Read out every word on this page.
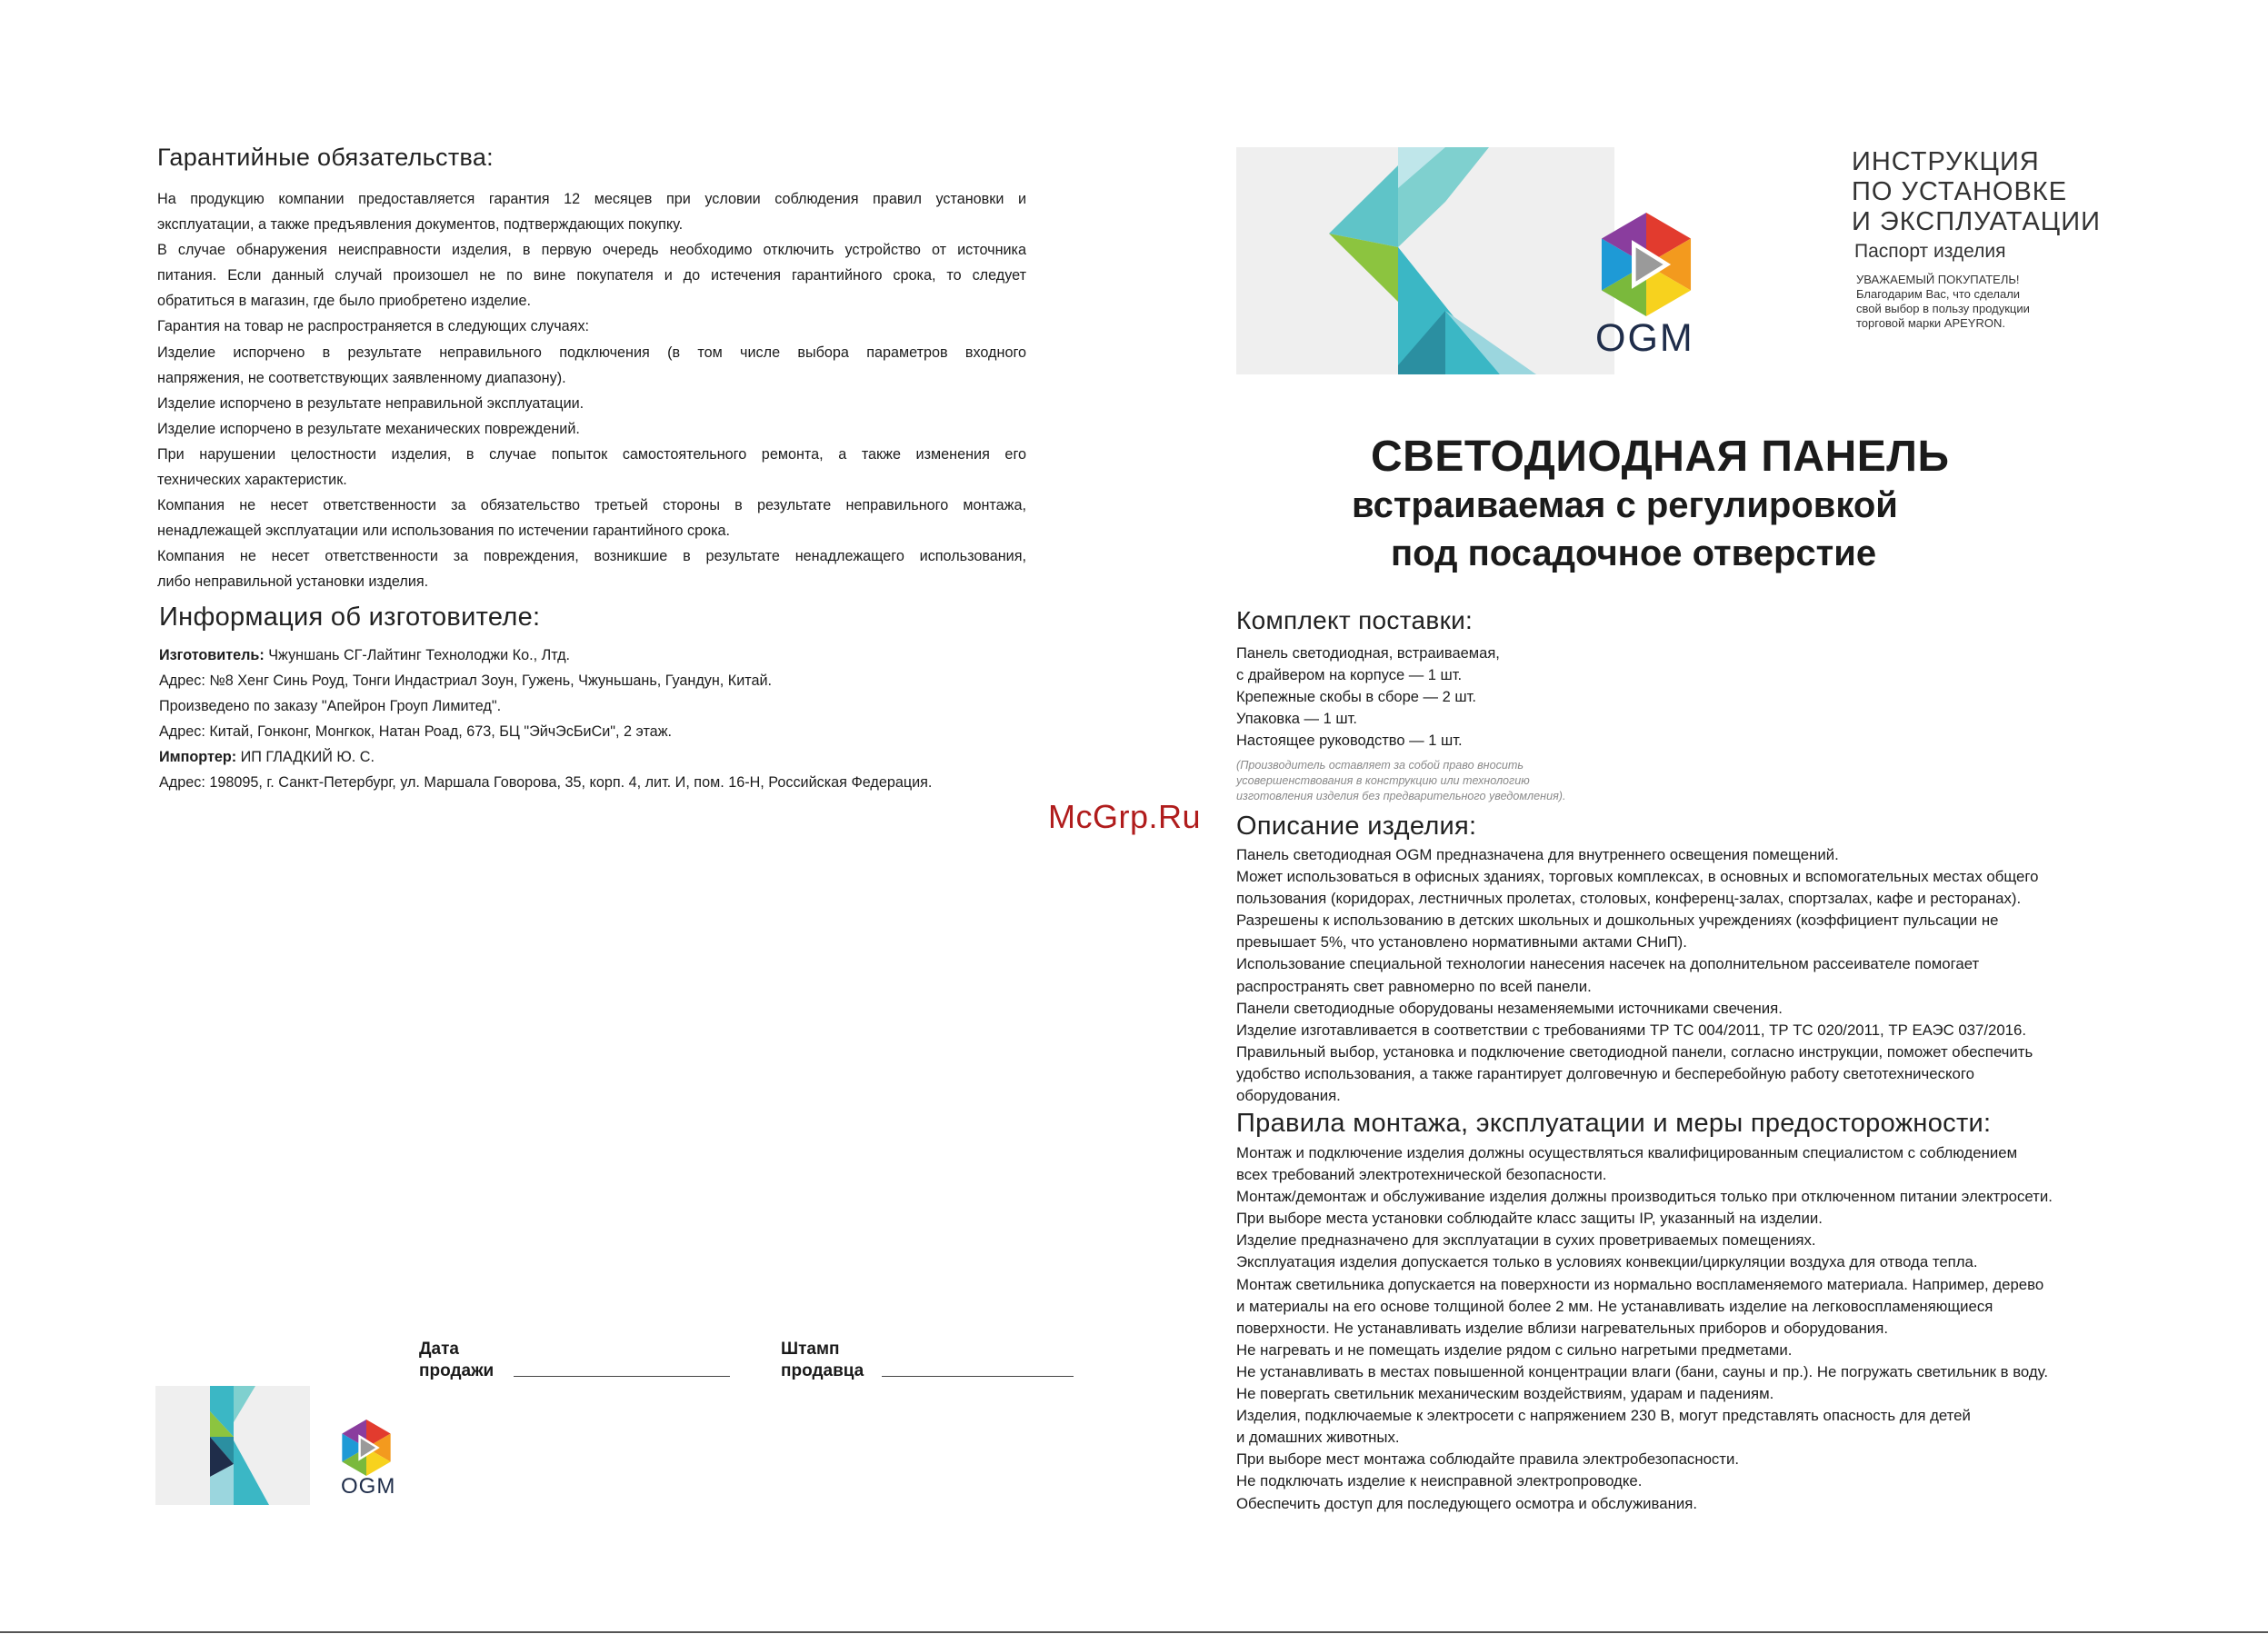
Гарантийные обязательства:
На продукцию компании предоставляется гарантия 12 месяцев при условии соблюдения правил установки и
эксплуатации, а также предъявления документов, подтверждающих покупку.
В случае обнаружения неисправности изделия, в первую очередь необходимо отключить устройство от источника
питания. Если данный случай произошел не по вине покупателя и до истечения гарантийного срока, то следует
обратиться в магазин, где было приобретено изделие.
Гарантия на товар не распространяется в следующих случаях:
Изделие испорчено в результате неправильного подключения (в том числе выбора параметров входного
напряжения, не соответствующих заявленному диапазону).
Изделие испорчено в результате неправильной эксплуатации.
Изделие испорчено в результате механических повреждений.
При нарушении целостности изделия, в случае попыток самостоятельного ремонта, а также изменения его
технических характеристик.
Компания не несет ответственности за обязательство третьей стороны в результате неправильного монтажа,
ненадлежащей эксплуатации или использования по истечении гарантийного срока.
Компания не несет ответственности за повреждения, возникшие в результате ненадлежащего использования,
либо неправильной установки изделия.
Информация об изготовителе:
Изготовитель: Чжуншань СГ-Лайтинг Технолоджи Ко., Лтд.
Адрес: №8 Хенг Синь Роуд, Тонги Индастриал Зоун, Гужень, Чжуньшань, Гуандун, Китай.
Произведено по заказу "Апейрон Гроуп Лимитед".
Адрес: Китай, Гонконг, Монгкок, Натан Роад, 673, БЦ "ЭйчЭсБиСи", 2 этаж.
Импортер: ИП ГЛАДКИЙ Ю. С.
Адрес: 198095, г. Санкт-Петербург, ул. Маршала Говорова, 35, корп. 4, лит. И, пом. 16-Н, Российская Федерация.
Дата
продажи
Штамп
продавца
OGM
OGM
ИНСТРУКЦИЯ
ПО УСТАНОВКЕ
И ЭКСПЛУАТАЦИИ
Паспорт изделия
УВАЖАЕМЫЙ ПОКУПАТЕЛЬ!
Благодарим Вас, что сделали
свой выбор в пользу продукции
торговой марки APEYRON.
СВЕТОДИОДНАЯ ПАНЕЛЬ
встраиваемая с регулировкой
под посадочное отверстие
Комплект поставки:
Панель светодиодная, встраиваемая,
с драйвером на корпусе — 1 шт.
Крепежные скобы в сборе — 2 шт.
Упаковка — 1 шт.
Настоящее руководство — 1 шт.
(Производитель оставляет за собой право вносить
усовершенствования в конструкцию или технологию
изготовления изделия без предварительного уведомления).
McGrp.Ru Описание изделия:
Панель светодиодная OGM предназначена для внутреннего освещения помещений.
Может использоваться в офисных зданиях, торговых комплексах, в основных и вспомогательных местах общего
пользования (коридорах, лестничных пролетах, столовых, конференц-залах, спортзалах, кафе и ресторанах).
Разрешены к использованию в детских школьных и дошкольных учреждениях (коэффициент пульсации не
превышает 5%, что установлено нормативными актами СНиП).
Использование специальной технологии нанесения насечек на дополнительном рассеивателе помогает
распространять свет равномерно по всей панели.
Панели светодиодные оборудованы незаменяемыми источниками свечения.
Изделие изготавливается в соответствии с требованиями ТР ТС 004/2011, ТР ТС 020/2011, ТР ЕАЭС 037/2016.
Правильный выбор, установка и подключение светодиодной панели, согласно инструкции, поможет обеспечить
удобство использования, а также гарантирует долговечную и бесперебойную работу светотехнического
оборудования.
Правила монтажа, эксплуатации и меры предосторожности:
Монтаж и подключение изделия должны осуществляться квалифицированным специалистом с соблюдением
всех требований электротехнической безопасности.
Монтаж/демонтаж и обслуживание изделия должны производиться только при отключенном питании электросети.
При выборе места установки соблюдайте класс защиты IP, указанный на изделии.
Изделие предназначено для эксплуатации в сухих проветриваемых помещениях.
Эксплуатация изделия допускается только в условиях конвекции/циркуляции воздуха для отвода тепла.
Монтаж светильника допускается на поверхности из нормально воспламеняемого материала. Например, дерево
и материалы на его основе толщиной более 2 мм. Не устанавливать изделие на легковоспламеняющиеся
поверхности. Не устанавливать изделие вблизи нагревательных приборов и оборудования.
Не нагревать и не помещать изделие рядом с сильно нагретыми предметами.
Не устанавливать в местах повышенной концентрации влаги (бани, сауны и пр.). Не погружать светильник в воду.
Не повергать светильник механическим воздействиям, ударам и падениям.
Изделия, подключаемые к электросети с напряжением 230 В, могут представлять опасность для детей
и домашних животных.
При выборе мест монтажа соблюдайте правила электробезопасности.
Не подключать изделие к неисправной электропроводке.
Обеспечить доступ для последующего осмотра и обслуживания.
